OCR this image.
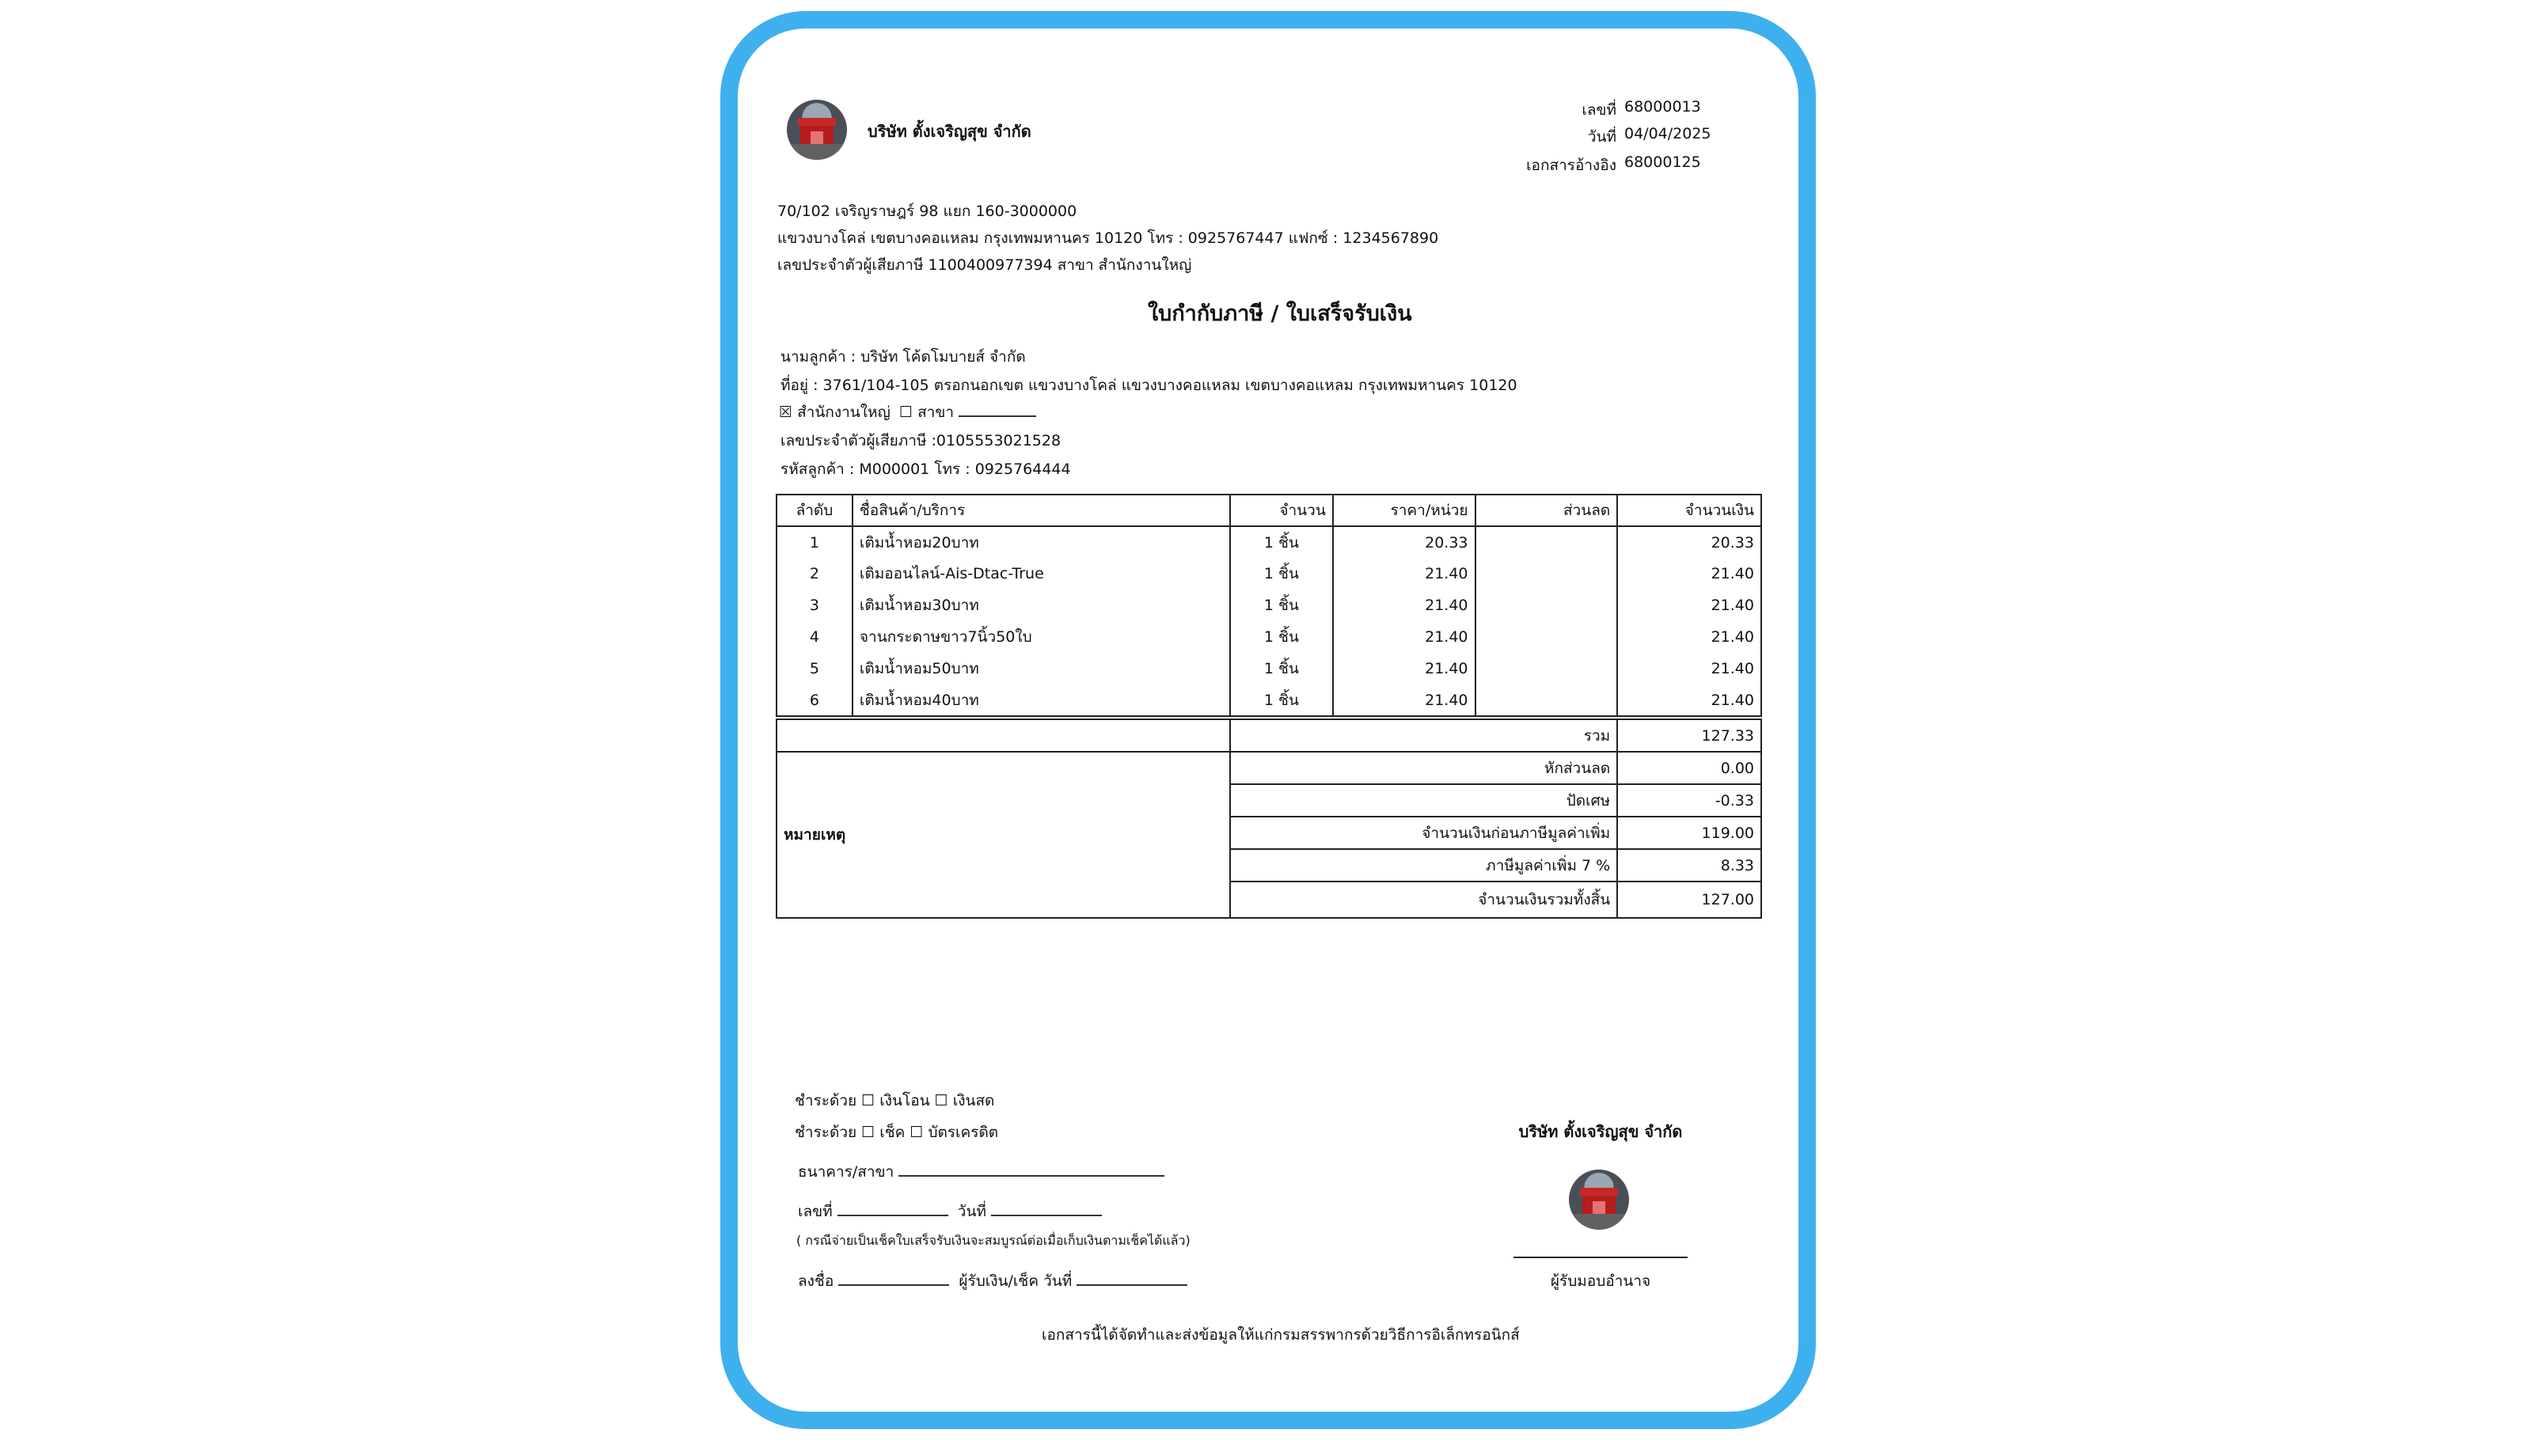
บริษัท ตั้งเจริญสุข จำกัด
เลขที่ 68000013
วันที่ 04/04/2025
เอกสารอ้างอิง 68000125
70/102 เจริญราษฎร์ 98 แยก 160-3000000
แขวงบางโคล่ เขตบางคอแหลม กรุงเทพมหานคร 10120 โทร : 0925767447 แฟกซ์ : 1234567890
เลขประจำตัวผู้เสียภาษี 1100400977394 สาขา สำนักงานใหญ่
ใบกำกับภาษี / ใบเสร็จรับเงิน
นามลูกค้า : บริษัท โค้ดโมบายส์ จำกัด
ที่อยู่ : 3761/104-105 ตรอกนอกเขต แขวงบางโคล่ แขวงบางคอแหลม เขตบางคอแหลม กรุงเทพมหานคร 10120
☒ สำนักงานใหญ่ ☐ สาขา
เลขประจำตัวผู้เสียภาษี :0105553021528
รหัสลูกค้า : M000001 โทร : 0925764444
ลำดับ	ชื่อสินค้า/บริการ	จำนวน	ราคา/หน่วย	ส่วนลด	จำนวนเงิน
1	เติมน้ำหอม20บาท	1 ชิ้น	20.33		20.33
2	เติมออนไลน์-Ais-Dtac-True	1 ชิ้น	21.40		21.40
3	เติมน้ำหอม30บาท	1 ชิ้น	21.40		21.40
4	จานกระดาษขาว7นิ้ว50ใบ	1 ชิ้น	21.40		21.40
5	เติมน้ำหอม50บาท	1 ชิ้น	21.40		21.40
6	เติมน้ำหอม40บาท	1 ชิ้น	21.40		21.40
	รวม	127.33
หมายเหตุ	หักส่วนลด	0.00
	ปัดเศษ	-0.33
	จำนวนเงินก่อนภาษีมูลค่าเพิ่ม	119.00
	ภาษีมูลค่าเพิ่ม 7 %	8.33
	จำนวนเงินรวมทั้งสิ้น	127.00
ชำระด้วย ☐ เงินโอน ☐ เงินสด
ชำระด้วย ☐ เช็ค ☐ บัตรเครดิต
ธนาคาร/สาขา
เลขที่	วันที่
( กรณีจ่ายเป็นเช็คใบเสร็จรับเงินจะสมบูรณ์ต่อเมื่อเก็บเงินตามเช็คได้แล้ว)
ลงชื่อ	ผู้รับเงิน/เช็ค วันที่
บริษัท ตั้งเจริญสุข จำกัด
ผู้รับมอบอำนาจ
เอกสารนี้ได้จัดทำและส่งข้อมูลให้แก่กรมสรรพากรด้วยวิธีการอิเล็กทรอนิกส์
